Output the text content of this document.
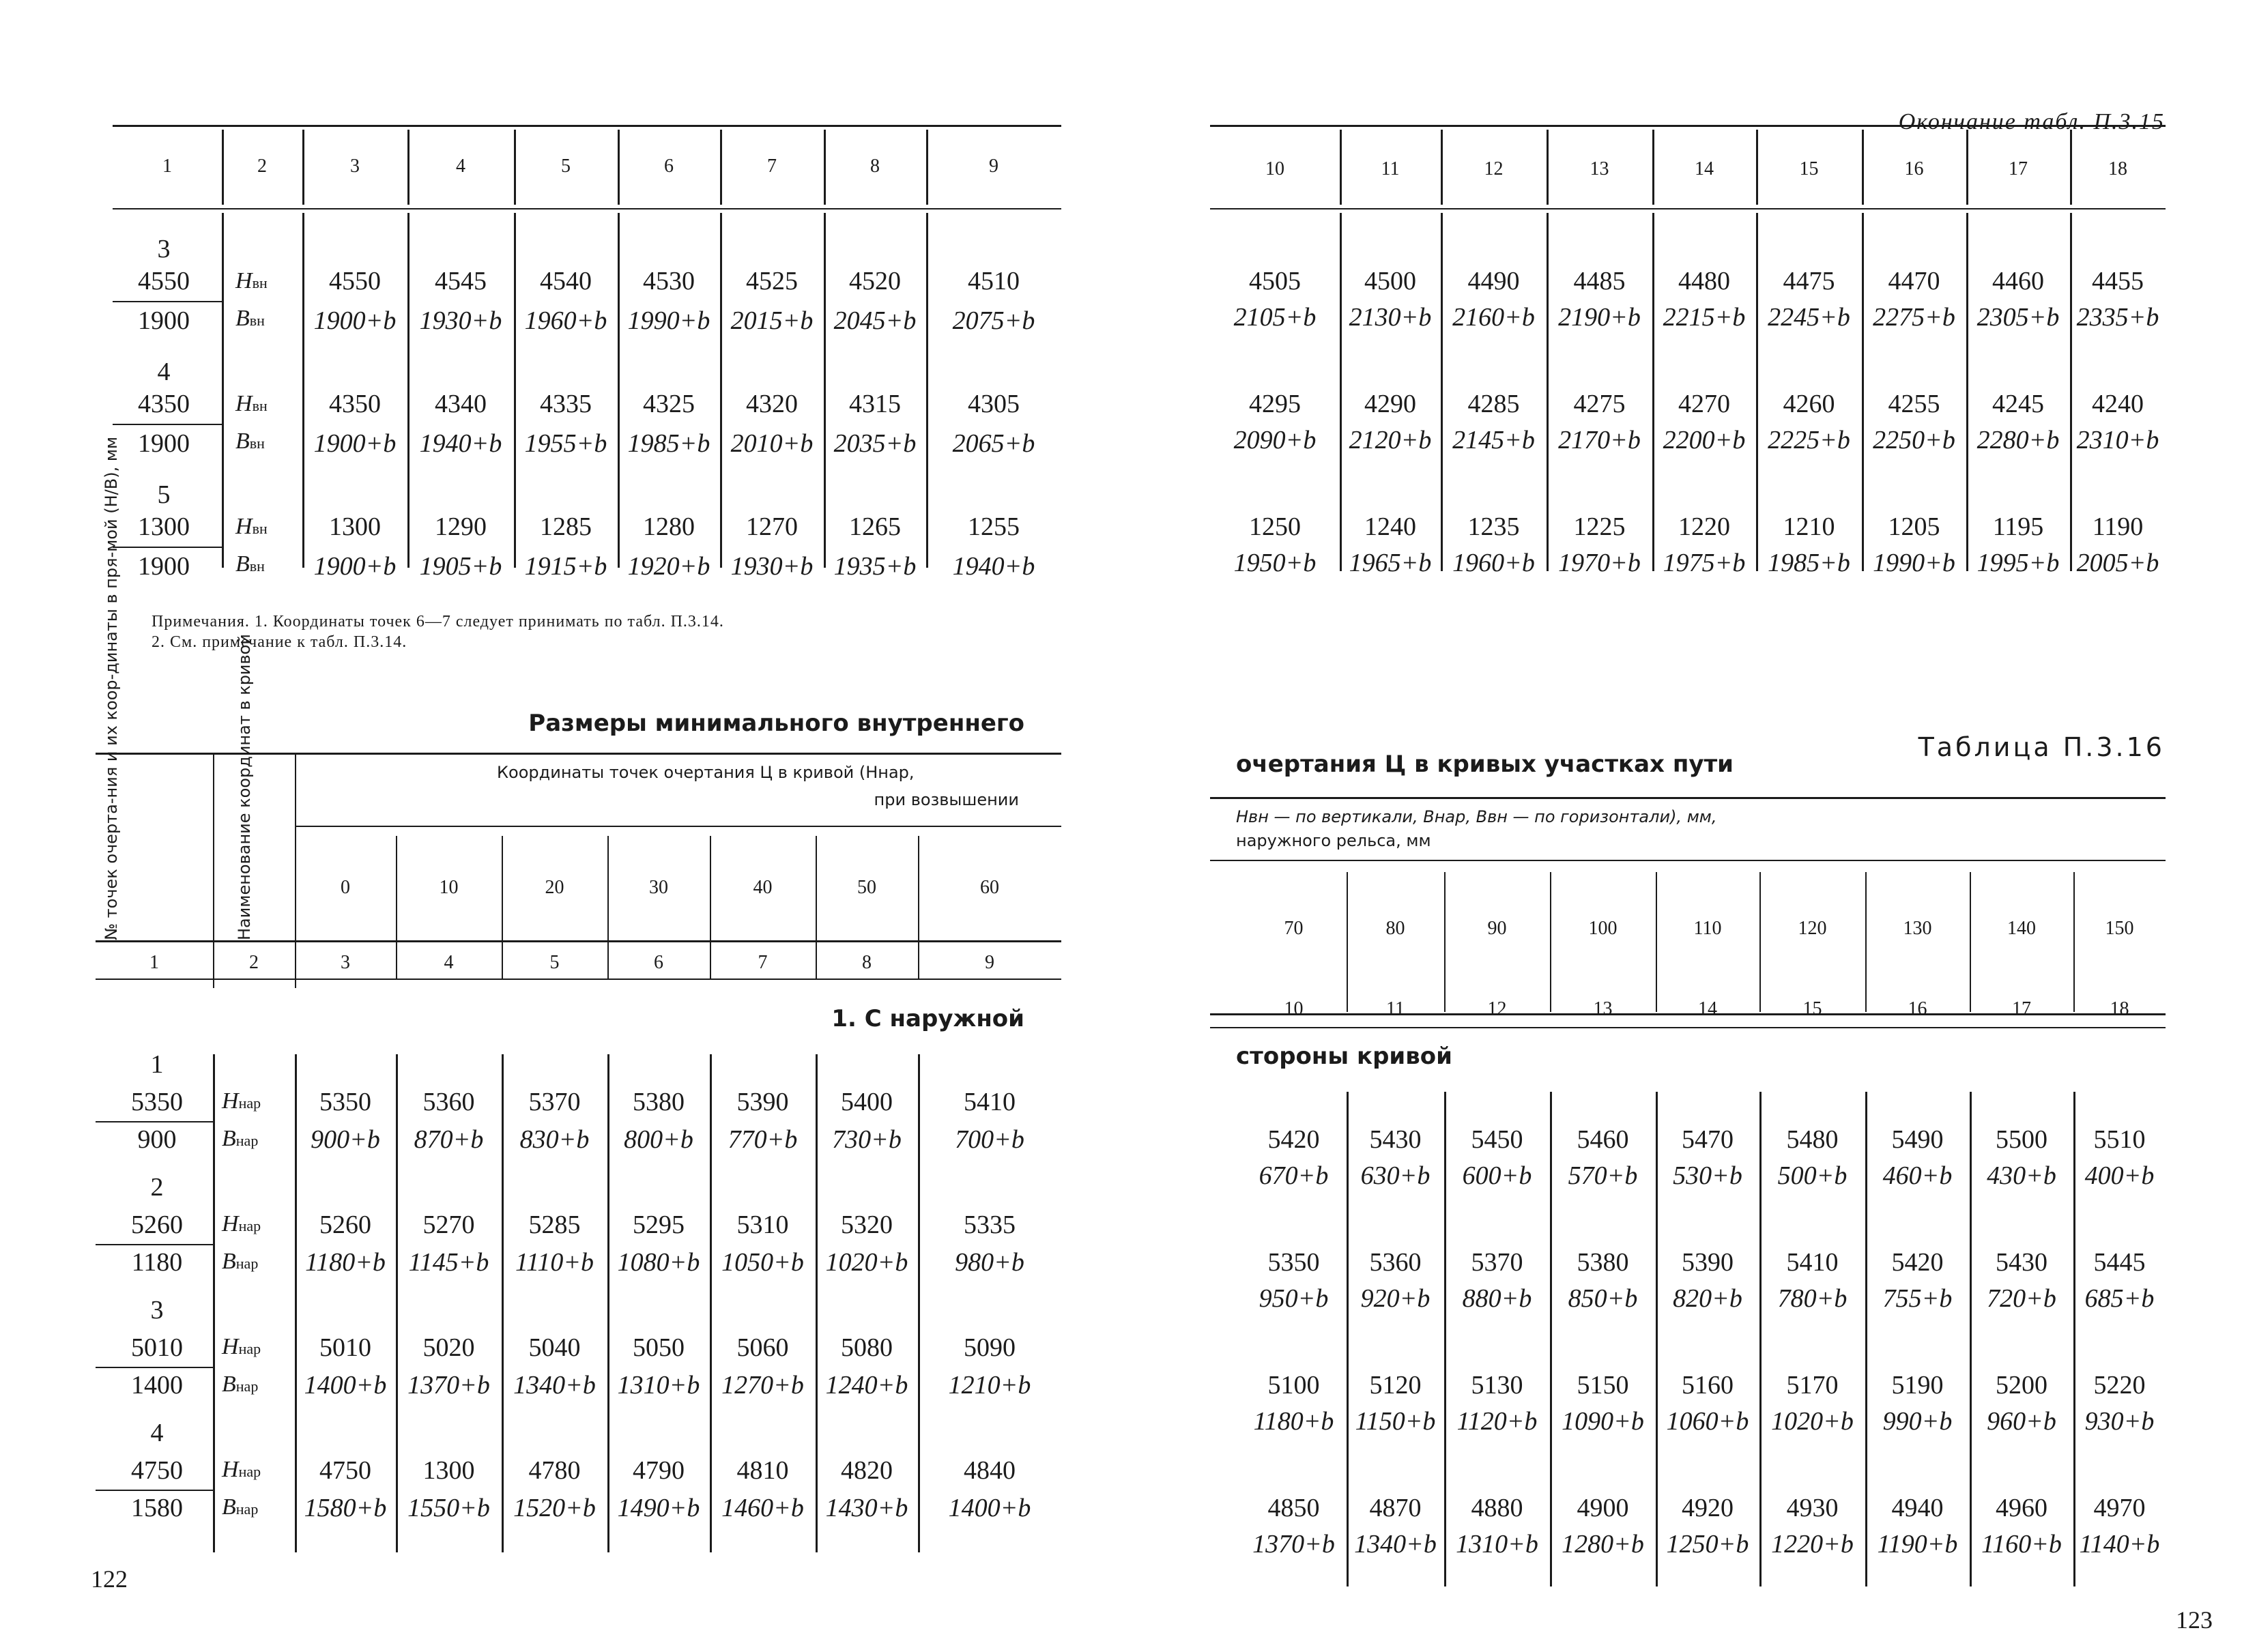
1	2	3	4	5	6	7	8	9
3
4550
1900
Hвн
Bвн
4550	4545	4540	4530	4525	4520	4510
1900+b 1930+b 1960+b 1990+b 2015+b 2045+b	2075+b
4
4350
1900
Hвн
Bвн
4350	4340	4335	4325	4320	4315	4305
1900+b 1940+b 1955+b 1985+b 2010+b 2035+b	2065+b
5
1300
1900
Hвн
Bвн
1300	1290	1285	1280	1270	1265	1255
1900+b 1905+b 1915+b 1920+b 1930+b 1935+b	1940+b
Примечания. 1. Координаты точек 6—7 следует принимать по табл. П.3.14.
2. См. примечание к табл. П.3.14.
Размеры минимального внутреннего
№ точек очерта-ния и их коор-динаты в пря-мой (H/B), мм	Наименование координат в кривой	Координаты точек очертания Ц в кривой (Hнар,
при возвышении
0	10	20	30	40	50	60
1	2	3	4	5	6	7	8	9
1. С наружной
1
5350
900
Hнар
Bнар
5350	5360	5370	5380	5390	5400	5410
900+b	870+b	830+b	800+b	770+b	730+b	700+b
2
5260
1180
Hнар
Bнар
5260	5270	5285	5295	5310	5320	5335
1180+b 1145+b	1110+b 1080+b 1050+b 1020+b	980+b
3
5010
1400
Hнар
Bнар
5010	5020	5040	5050	5060	5080	5090
1400+b 1370+b 1340+b 1310+b 1270+b 1240+b	1210+b
4
4750
1580
Hнар
Bнар
4750	1300	4780	4790	4810	4820	4840
1580+b 1550+b 1520+b 1490+b 1460+b 1430+b	1400+b
122
Окончание табл. П.3.15
10	11	12	13	14	15	16	17	18
4505	4500	4490	4485	4480	4475	4470	4460	4455
2105+b	2130+b 2160+b 2190+b 2215+b 2245+b 2275+b 2305+b 2335+b
4295	4290	4285	4275	4270	4260	4255	4245	4240
2090+b	2120+b 2145+b 2170+b 2200+b 2225+b 2250+b 2280+b 2310+b
1250	1240	1235	1225	1220	1210	1205	1195	1190
1950+b	1965+b 1960+b 1970+b 1975+b 1985+b 1990+b 1995+b 2005+b
Таблица П.3.16
очертания Ц в кривых участках пути
Hвн — по вертикали, Bнар, Bвн — по горизонтали), мм,
наружного рельса, мм
70	80	90	100	110	120	130	140	150
10	11	12	13	14	15	16	17	18
стороны кривой
5420	5430	5450	5460	5470	5480	5490	5500	5510
670+b	630+b	600+b	570+b	530+b	500+b	460+b	430+b	400+b
5350	5360	5370	5380	5390	5410	5420	5430	5445
950+b	920+b	880+b	850+b	820+b	780+b	755+b	720+b	685+b
5100	5120	5130	5150	5160	5170	5190	5200	5220
1180+b 1150+b 1120+b 1090+b 1060+b 1020+b	990+b	960+b	930+b
4850	4870	4880	4900	4920	4930	4940	4960	4970
1370+b 1340+b 1310+b 1280+b 1250+b 1220+b 1190+b 1160+b 1140+b
123
